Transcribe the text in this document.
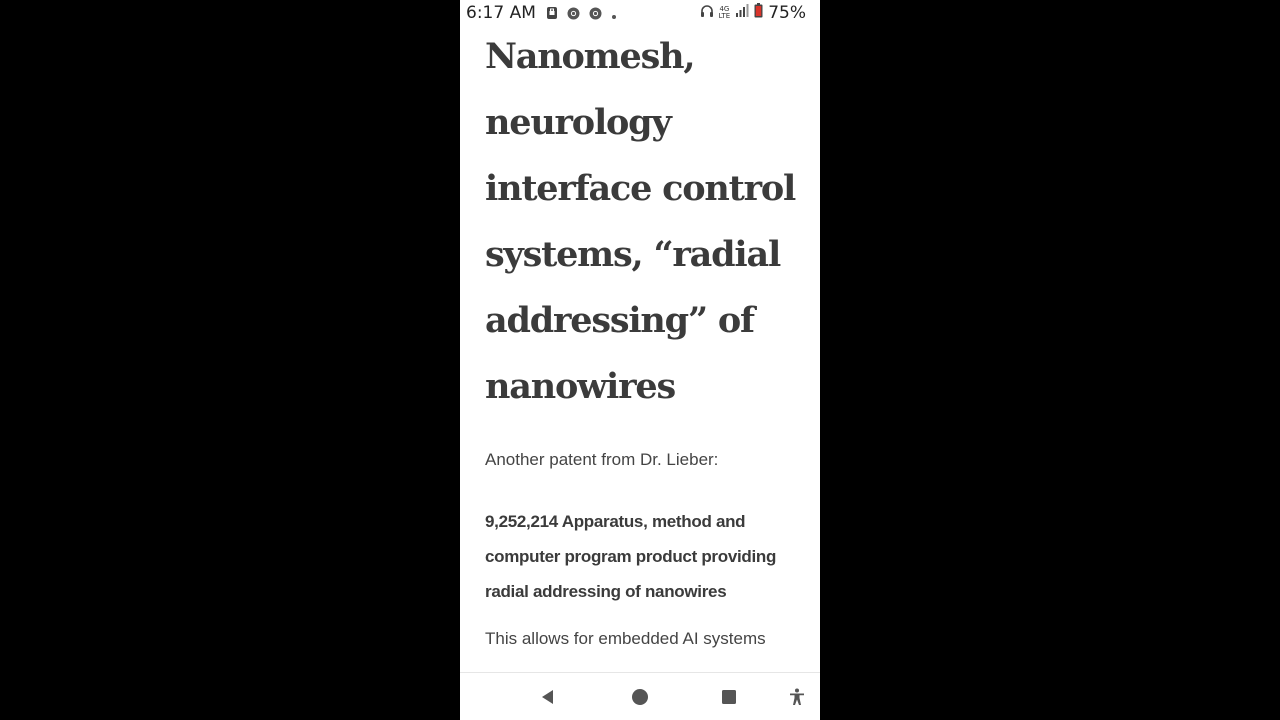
6:17 AM	4G
LTE 75%
Nanomesh, neurology interface control systems, “radial addressing” of nanowires

Another patent from Dr. Lieber:

9,252,214 Apparatus, method and computer program product providing radial addressing of nanowires

This allows for embedded AI systems
